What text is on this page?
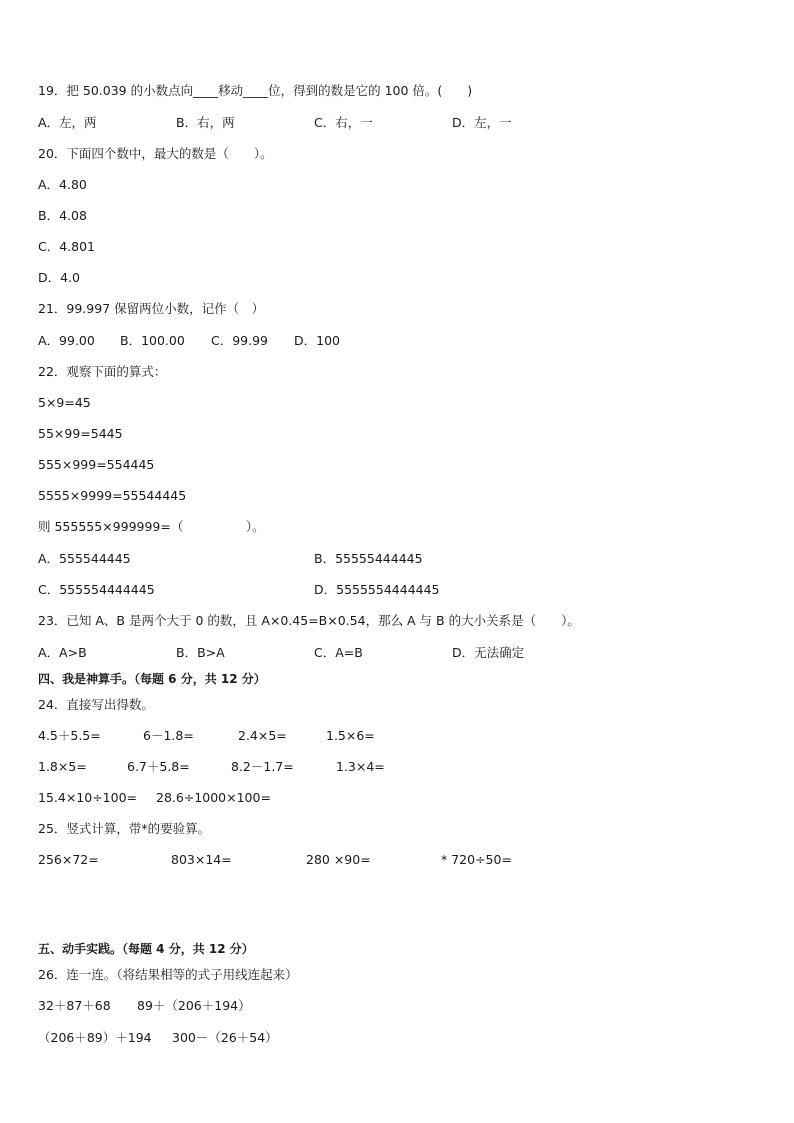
19．把 50.039 的小数点向____移动____位，得到的数是它的 100 倍。(　　)
A．左，两	B．右，两	C．右，一	D．左，一
20．下面四个数中，最大的数是（　　）。
A．4.80
B．4.08
C．4.801
D．4.0
21．99.997 保留两位小数，记作（　）
A．99.00 B．100.00 C．99.99 D．100
22．观察下面的算式：
5×9=45
55×99=5445
555×999=554445
5555×9999=55544445
则 555555×999999=（　　　　　）。
A．555544445	B．55555444445
C．555554444445	D．5555554444445
23．已知 A、B 是两个大于 0 的数，且 A×0.45=B×0.54，那么 A 与 B 的大小关系是（　　）。
A．A>B	B．B>A	C．A=B	D．无法确定
四、我是神算手。（每题 6 分，共 12 分）
24．直接写出得数。
4.5＋5.5=	6－1.8=	2.4×5=	1.5×6=
1.8×5=	6.7＋5.8=	8.2－1.7=	1.3×4=
15.4×10÷100= 28.6÷1000×100=
25．竖式计算，带*的要验算。
256×72=	803×14=	280 ×90=	* 720÷50=
五、动手实践。（每题 4 分，共 12 分）
26．连一连。（将结果相等的式子用线连起来）
32＋87＋68 89＋（206＋194）
（206＋89）＋194 300－（26＋54）
